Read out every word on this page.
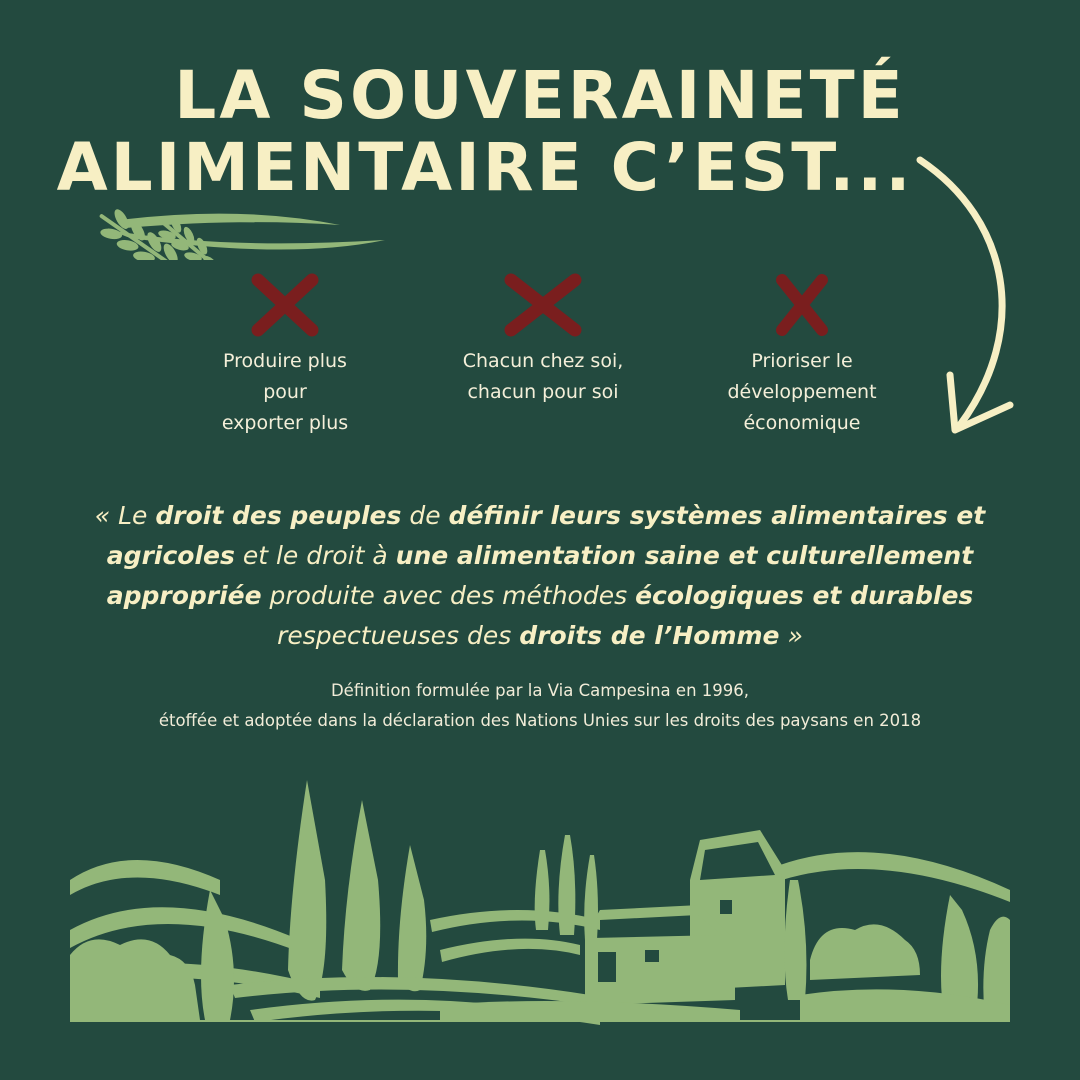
LA SOUVERAINETÉ
ALIMENTAIRE C’EST...
Produire plus
pour
exporter plus
Chacun chez soi,
chacun pour soi
Prioriser le
développement
économique
« Le droit des peuples de définir leurs systèmes alimentaires et agricoles et le droit à une alimentation saine et culturellement appropriée produite avec des méthodes écologiques et durables respectueuses des droits de l’Homme »
Définition formulée par la Via Campesina en 1996,
étoffée et adoptée dans la déclaration des Nations Unies sur les droits des paysans en 2018
